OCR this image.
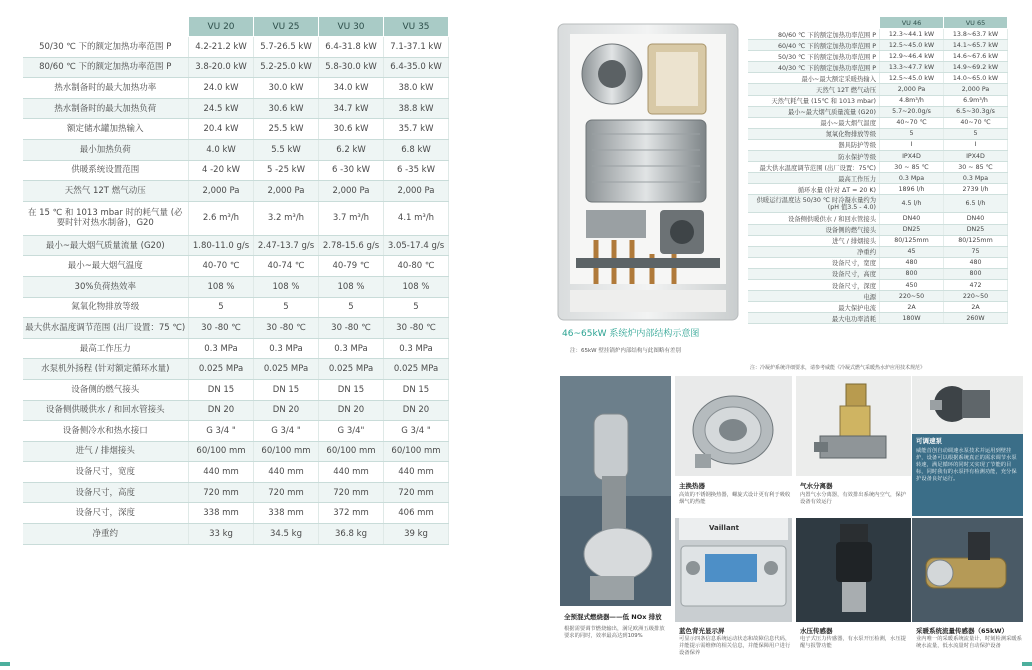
	VU 20	VU 25	VU 30	VU 35
50/30 ℃ 下的额定加热功率范围 P	4.2-21.2 kW	5.7-26.5 kW	6.4-31.8 kW	7.1-37.1 kW
80/60 ℃ 下的额定加热功率范围 P	3.8-20.0 kW	5.2-25.0 kW	5.8-30.0 kW	6.4-35.0 kW
热水制备时的最大加热功率	24.0 kW	30.0 kW	34.0 kW	38.0 kW
热水制备时的最大加热负荷	24.5 kW	30.6 kW	34.7 kW	38.8 kW
额定储水罐加热输入	20.4 kW	25.5 kW	30.6 kW	35.7 kW
最小加热负荷	4.0 kW	5.5 kW	6.2 kW	6.8 kW
供暖系统设置范围	4 -20 kW	5 -25 kW	6 -30 kW	6 -35 kW
天然气 12T 燃气动压	2,000 Pa	2,000 Pa	2,000 Pa	2,000 Pa
在 15 ℃ 和 1013 mbar 时的耗气量 (必要时针对热水制备)，G20	2.6 m³/h	3.2 m³/h	3.7 m³/h	4.1 m³/h
最小~最大烟气质量流量 (G20)	1.80-11.0 g/s	2.47-13.7 g/s	2.78-15.6 g/s	3.05-17.4 g/s
最小~最大烟气温度	40-70 ℃	40-74 ℃	40-79 ℃	40-80 ℃
30%负荷热效率	108 %	108 %	108 %	108 %
氮氧化物排放等级	5	5	5	5
最大供水温度调节范围 (出厂设置：75 ℃)	30 -80 ℃	30 -80 ℃	30 -80 ℃	30 -80 ℃
最高工作压力	0.3 MPa	0.3 MPa	0.3 MPa	0.3 MPa
水泵机外扬程 (针对额定循环水量)	0.025 MPa	0.025 MPa	0.025 MPa	0.025 MPa
设备侧的燃气接头	DN 15	DN 15	DN 15	DN 15
设备侧供暖供水 / 和回水管接头	DN 20	DN 20	DN 20	DN 20
设备侧冷水和热水接口	G 3/4 "	G 3/4 "	G 3/4"	G 3/4 "
进气 / 排烟接头	60/100 mm	60/100 mm	60/100 mm	60/100 mm
设备尺寸，宽度	440 mm	440 mm	440 mm	440 mm
设备尺寸，高度	720 mm	720 mm	720 mm	720 mm
设备尺寸，深度	338 mm	338 mm	372 mm	406 mm
净重约	33 kg	34.5 kg	36.8 kg	39 kg
46~65kW 系统炉内部结构示意图
注：65kW 壁挂锅炉内部结构与此图略有差别
	VU 46	VU 65
80/60 ℃ 下的额定加热功率范围 P	12.3~44.1 kW	13.8~63.7 kW
60/40 ℃ 下的额定加热功率范围 P	12.5~45.0 kW	14.1~65.7 kW
50/30 ℃ 下的额定加热功率范围 P	12.9~46.4 kW	14.6~67.6 kW
40/30 ℃ 下的额定加热功率范围 P	13.3~47.7 kW	14.9~69.2 kW
最小~最大额定采暖热输入	12.5~45.0 kW	14.0~65.0 kW
天然气 12T 燃气动压	2,000 Pa	2,000 Pa
天然气耗气量 (15℃ 和 1013 mbar)	4.8m³/h	6.9m³/h
最小~最大烟气质量流量 (G20)	5.7~20.0g/s	6.5~30.3g/s
最小~最大烟气温度	40~70 ℃	40~70 ℃
氮氧化物排放等级	5	5
器具防护等级	I	I
防水保护等级	IPX4D	IPX4D
最大供水温度调节范围 (出厂设置：75℃)	30 ~ 85 ℃	30 ~ 85 ℃
最高工作压力	0.3 Mpa	0.3 Mpa
循环水量 (针对 ΔT = 20 K)	1896 l/h	2739 l/h
供暖运行温度达 50/30 ℃ 时冷凝水量约为 (pH 值3.5 - 4.0)	4.5 l/h	6.5 l/h
设备侧供暖供水 / 和回水管接头	DN40	DN40
设备侧的燃气接头	DN25	DN25
进气 / 排烟接头	80/125mm	80/125mm
净重约	45	75
设备尺寸，宽度	480	480
设备尺寸，高度	800	800
设备尺寸，深度	450	472
电源	220~50	220~50
最大保护电流	2A	2A
最大电功率消耗	180W	260W
注：冷凝炉系统详细要求，请参考威能《冷凝式燃气采暖热水炉应用技术规范》
全预混式燃烧器——低 NOx 排放
根据需要调节燃烧输出，满足欧洲五级排放要求的同时，效率最高达到109%
主换热器
高效的不锈钢换热器，螺旋式设计更有利于吸收烟气的热能
气水分离器
内置气水分离器，有效排出系统内空气，保护设备有效运行
可调速泵
威能首创自动调速水泵技术并运用到壁挂炉，设备可以根据系统真正的需求调节水泵转速，满足循环的同时又实现了节能的目标，同时我有的水泵拌有检测功能，充分保护设备良好运行。
Vaillant
蓝色背光显示屏
可显示四条信息系统运动状态和故障信息代码，并能提示需维修的相关信息，并能保障用户进行设备保养
水压传感器
电子式压力传感器，有水泵开压检测，水压提醒与报警功能
采暖系统流量传感器（65kW）
业内唯一的采暖系统流量计，时刻检测采暖系统水流量，低水流量时自动保护设备
